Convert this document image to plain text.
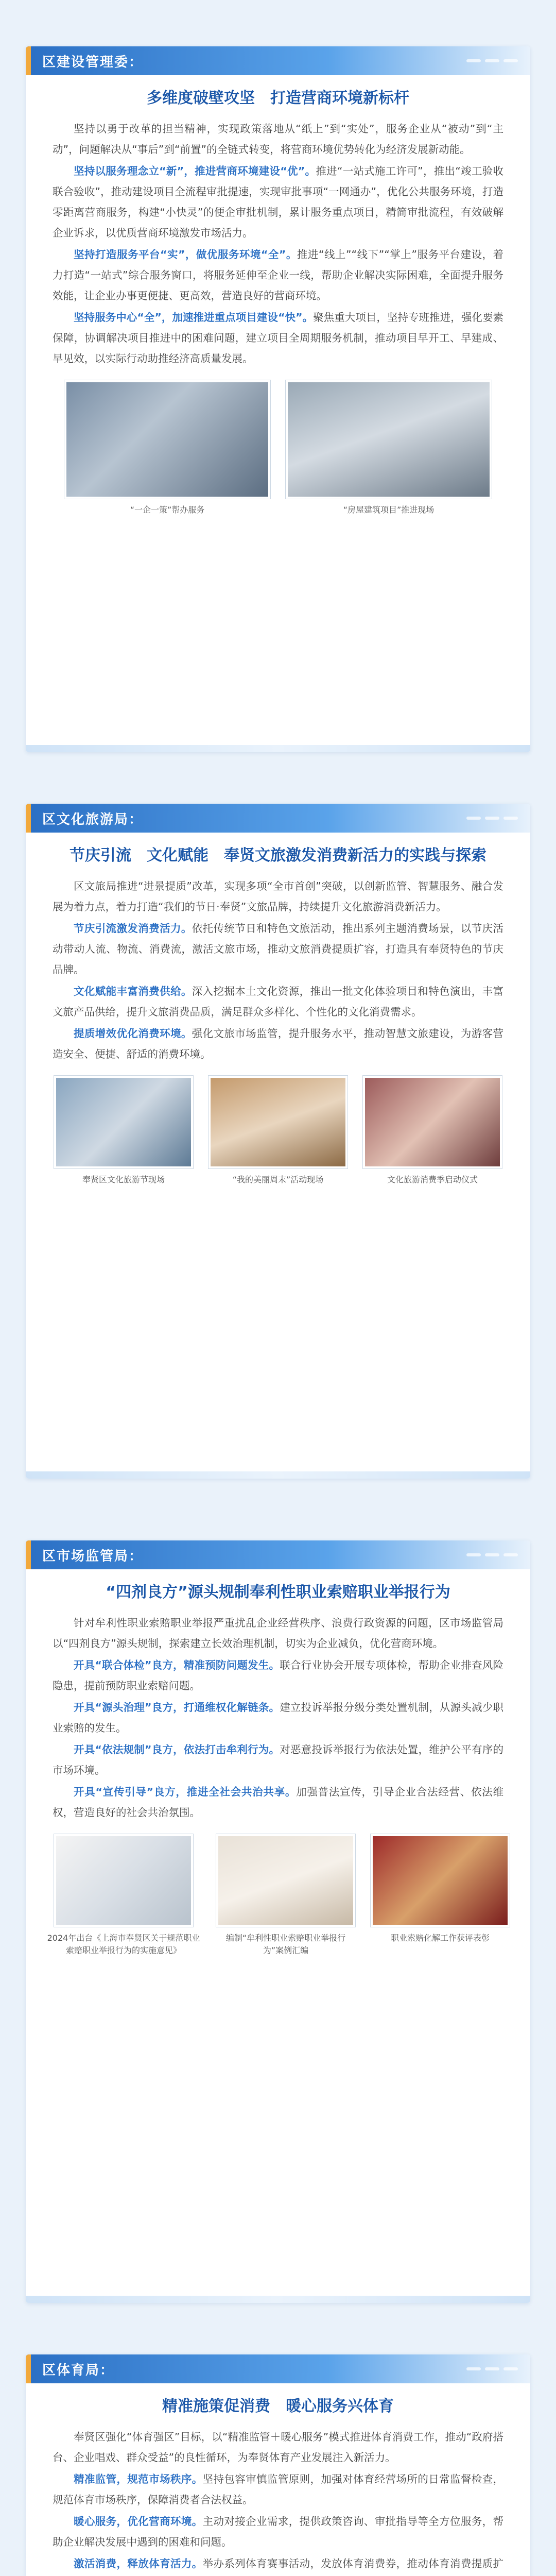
区建设管理委：
多维度破壁攻坚　打造营商环境新标杆

坚持以勇于改革的担当精神，实现政策落地从“纸上”到“实处”，服务企业从“被动”到“主动”，问题解决从“事后”到“前置”的全链式转变，将营商环境优势转化为经济发展新动能。

坚持以服务理念立“新”，推进营商环境建设“优”。推进“一站式施工许可”，推出“竣工验收联合验收”，推动建设项目全流程审批提速，实现审批事项“一网通办”，优化公共服务环境，打造零距离营商服务，构建“小快灵”的便企审批机制，累计服务重点项目，精简审批流程，有效破解企业诉求，以优质营商环境激发市场活力。

坚持打造服务平台“实”，做优服务环境“全”。推进“线上”“线下”“掌上”服务平台建设，着力打造“一站式”综合服务窗口，将服务延伸至企业一线，帮助企业解决实际困难，全面提升服务效能，让企业办事更便捷、更高效，营造良好的营商环境。

坚持服务中心“全”，加速推进重点项目建设“快”。聚焦重大项目，坚持专班推进，强化要素保障，协调解决项目推进中的困难问题，建立项目全周期服务机制，推动项目早开工、早建成、早见效，以实际行动助推经济高质量发展。

“一企一策”帮办服务	“房屋建筑项目”推进现场
区文化旅游局：
节庆引流　文化赋能　奉贤文旅激发消费新活力的实践与探索

区文旅局推进“进景提质”改革，实现多项“全市首创”突破，以创新监管、智慧服务、融合发展为着力点，着力打造“我们的节日·奉贤”文旅品牌，持续提升文化旅游消费新活力。

节庆引流激发消费活力。依托传统节日和特色文旅活动，推出系列主题消费场景，以节庆活动带动人流、物流、消费流，激活文旅市场，推动文旅消费提质扩容，打造具有奉贤特色的节庆品牌。

文化赋能丰富消费供给。深入挖掘本土文化资源，推出一批文化体验项目和特色演出，丰富文旅产品供给，提升文旅消费品质，满足群众多样化、个性化的文化消费需求。

提质增效优化消费环境。强化文旅市场监管，提升服务水平，推动智慧文旅建设，为游客营造安全、便捷、舒适的消费环境。

奉贤区文化旅游节现场	“我的美丽周末”活动现场	文化旅游消费季启动仪式
区市场监管局：
“四剂良方”源头规制奉利性职业索赔职业举报行为

针对牟利性职业索赔职业举报严重扰乱企业经营秩序、浪费行政资源的问题，区市场监管局以“四剂良方”源头规制，探索建立长效治理机制，切实为企业减负，优化营商环境。

开具“联合体检”良方，精准预防问题发生。联合行业协会开展专项体检，帮助企业排查风险隐患，提前预防职业索赔问题。

开具“源头治理”良方，打通维权化解链条。建立投诉举报分级分类处置机制，从源头减少职业索赔的发生。

开具“依法规制”良方，依法打击牟利行为。对恶意投诉举报行为依法处置，维护公平有序的市场环境。

开具“宣传引导”良方，推进全社会共治共享。加强普法宣传，引导企业合法经营、依法维权，营造良好的社会共治氛围。

2024年出台《上海市奉贤区关于规范职业索赔职业举报行为的实施意见》
编制“牟利性职业索赔职业举报行为”案例汇编
职业索赔化解工作获评表彰
区体育局：
精准施策促消费　暖心服务兴体育

奉贤区强化“体育强区”目标，以“精准监管＋暖心服务”模式推进体育消费工作，推动“政府搭台、企业唱戏、群众受益”的良性循环，为奉贤体育产业发展注入新活力。

精准监管，规范市场秩序。坚持包容审慎监管原则，加强对体育经营场所的日常监督检查，规范体育市场秩序，保障消费者合法权益。

暖心服务，优化营商环境。主动对接企业需求，提供政策咨询、审批指导等全方位服务，帮助企业解决发展中遇到的困难和问题。

激活消费，释放体育活力。举办系列体育赛事活动，发放体育消费券，推动体育消费提质扩
